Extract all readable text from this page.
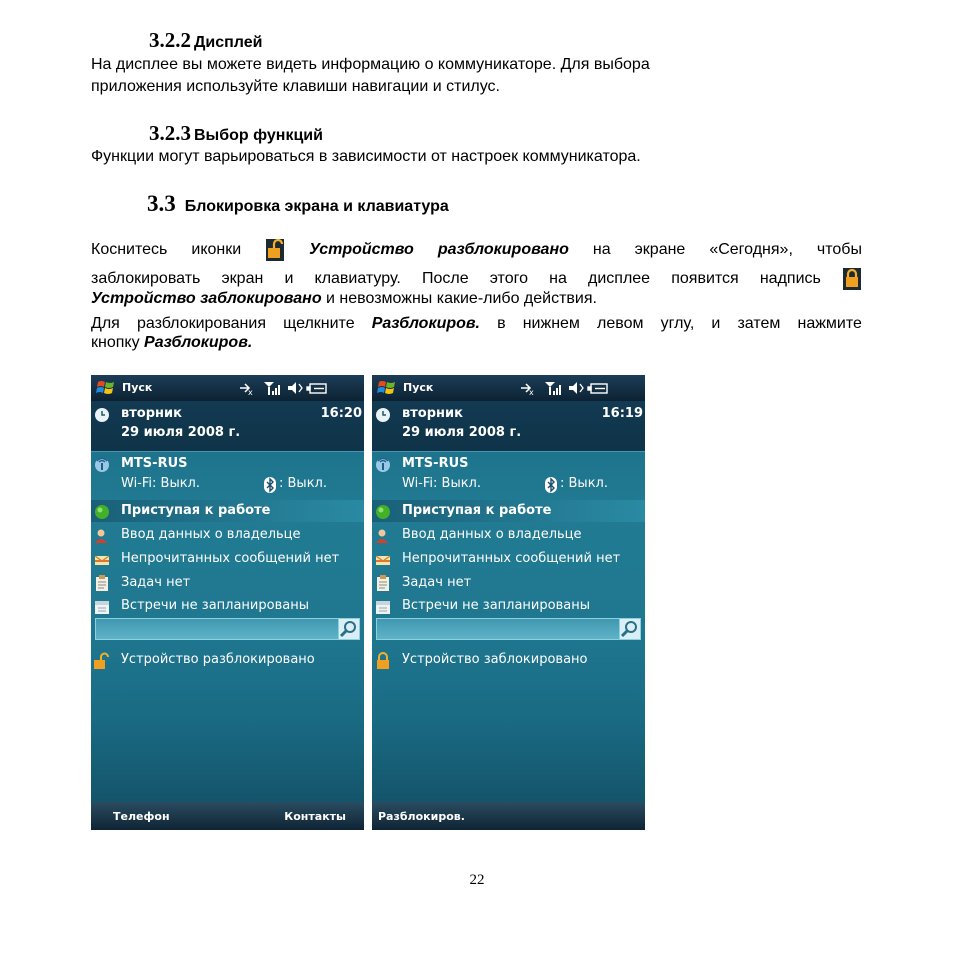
3.2.2 Дисплей
На дисплее вы можете видеть информацию о коммуникаторе. Для выбора
приложения используйте клавиши навигации и стилус.
3.2.3 Выбор функций
Функции могут варьироваться в зависимости от настроек коммуникатора.
3.3 Блокировка экрана и клавиатура
Коснитесь иконки	Устройство разблокировано на экране «Сегодня», чтобы
заблокировать экран и клавиатуру. После этого на дисплее появится надпись
Устройство заблокировано и невозможны какие-либо действия.
Для разблокирования щелкните Разблокиров. в нижнем левом углу, и затем нажмите
кнопку Разблокиров.
Пуск	x
вторник
29 июля 2008 г.
16:20
MTS-RUS
Wi-Fi: Выкл.	: Выкл.
Приступая к работе
Ввод данных о владельце
Непрочитанных сообщений нет
Задач нет
Встречи не запланированы
Устройство разблокировано
Телефон	Контакты
Пуск	x
вторник
29 июля 2008 г.
16:19
MTS-RUS
Wi-Fi: Выкл.	: Выкл.
Приступая к работе
Ввод данных о владельце
Непрочитанных сообщений нет
Задач нет
Встречи не запланированы
Устройство заблокировано
Разблокиров.
22
